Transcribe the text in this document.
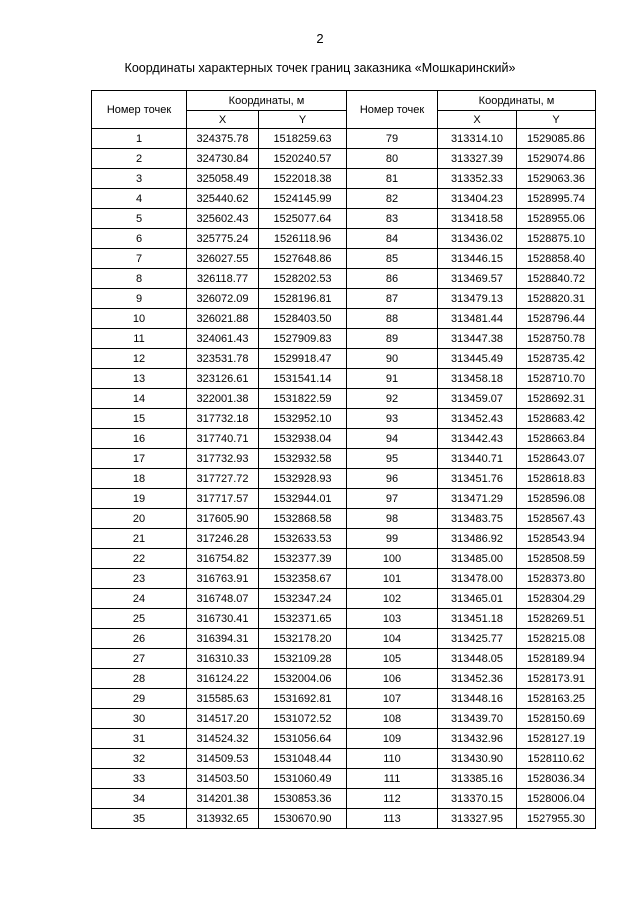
2
Координаты характерных точек границ заказника «Мошкаринский»
Номер точек	Координаты, м		Номер точек	Координаты, м	
	X	Y		X	Y
1	324375.78	1518259.63	79	313314.10	1529085.86
2	324730.84	1520240.57	80	313327.39	1529074.86
3	325058.49	1522018.38	81	313352.33	1529063.36
4	325440.62	1524145.99	82	313404.23	1528995.74
5	325602.43	1525077.64	83	313418.58	1528955.06
6	325775.24	1526118.96	84	313436.02	1528875.10
7	326027.55	1527648.86	85	313446.15	1528858.40
8	326118.77	1528202.53	86	313469.57	1528840.72
9	326072.09	1528196.81	87	313479.13	1528820.31
10	326021.88	1528403.50	88	313481.44	1528796.44
11	324061.43	1527909.83	89	313447.38	1528750.78
12	323531.78	1529918.47	90	313445.49	1528735.42
13	323126.61	1531541.14	91	313458.18	1528710.70
14	322001.38	1531822.59	92	313459.07	1528692.31
15	317732.18	1532952.10	93	313452.43	1528683.42
16	317740.71	1532938.04	94	313442.43	1528663.84
17	317732.93	1532932.58	95	313440.71	1528643.07
18	317727.72	1532928.93	96	313451.76	1528618.83
19	317717.57	1532944.01	97	313471.29	1528596.08
20	317605.90	1532868.58	98	313483.75	1528567.43
21	317246.28	1532633.53	99	313486.92	1528543.94
22	316754.82	1532377.39	100	313485.00	1528508.59
23	316763.91	1532358.67	101	313478.00	1528373.80
24	316748.07	1532347.24	102	313465.01	1528304.29
25	316730.41	1532371.65	103	313451.18	1528269.51
26	316394.31	1532178.20	104	313425.77	1528215.08
27	316310.33	1532109.28	105	313448.05	1528189.94
28	316124.22	1532004.06	106	313452.36	1528173.91
29	315585.63	1531692.81	107	313448.16	1528163.25
30	314517.20	1531072.52	108	313439.70	1528150.69
31	314524.32	1531056.64	109	313432.96	1528127.19
32	314509.53	1531048.44	110	313430.90	1528110.62
33	314503.50	1531060.49	111	313385.16	1528036.34
34	314201.38	1530853.36	112	313370.15	1528006.04
35	313932.65	1530670.90	113	313327.95	1527955.30
